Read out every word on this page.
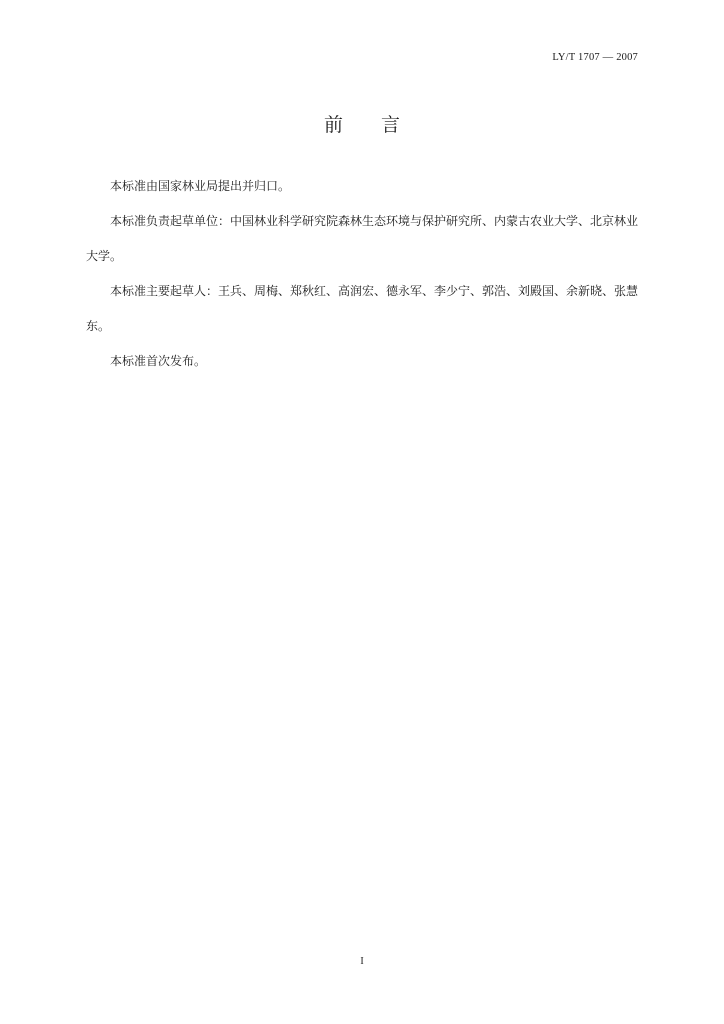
LY/T 1707 — 2007
前　　言

本标准由国家林业局提出并归口。

本标准负责起草单位：中国林业科学研究院森林生态环境与保护研究所、内蒙古农业大学、北京林业大学。

本标准主要起草人：王兵、周梅、郑秋红、高润宏、德永军、李少宁、郭浩、刘殿国、余新晓、张慧东。

本标准首次发布。

I
